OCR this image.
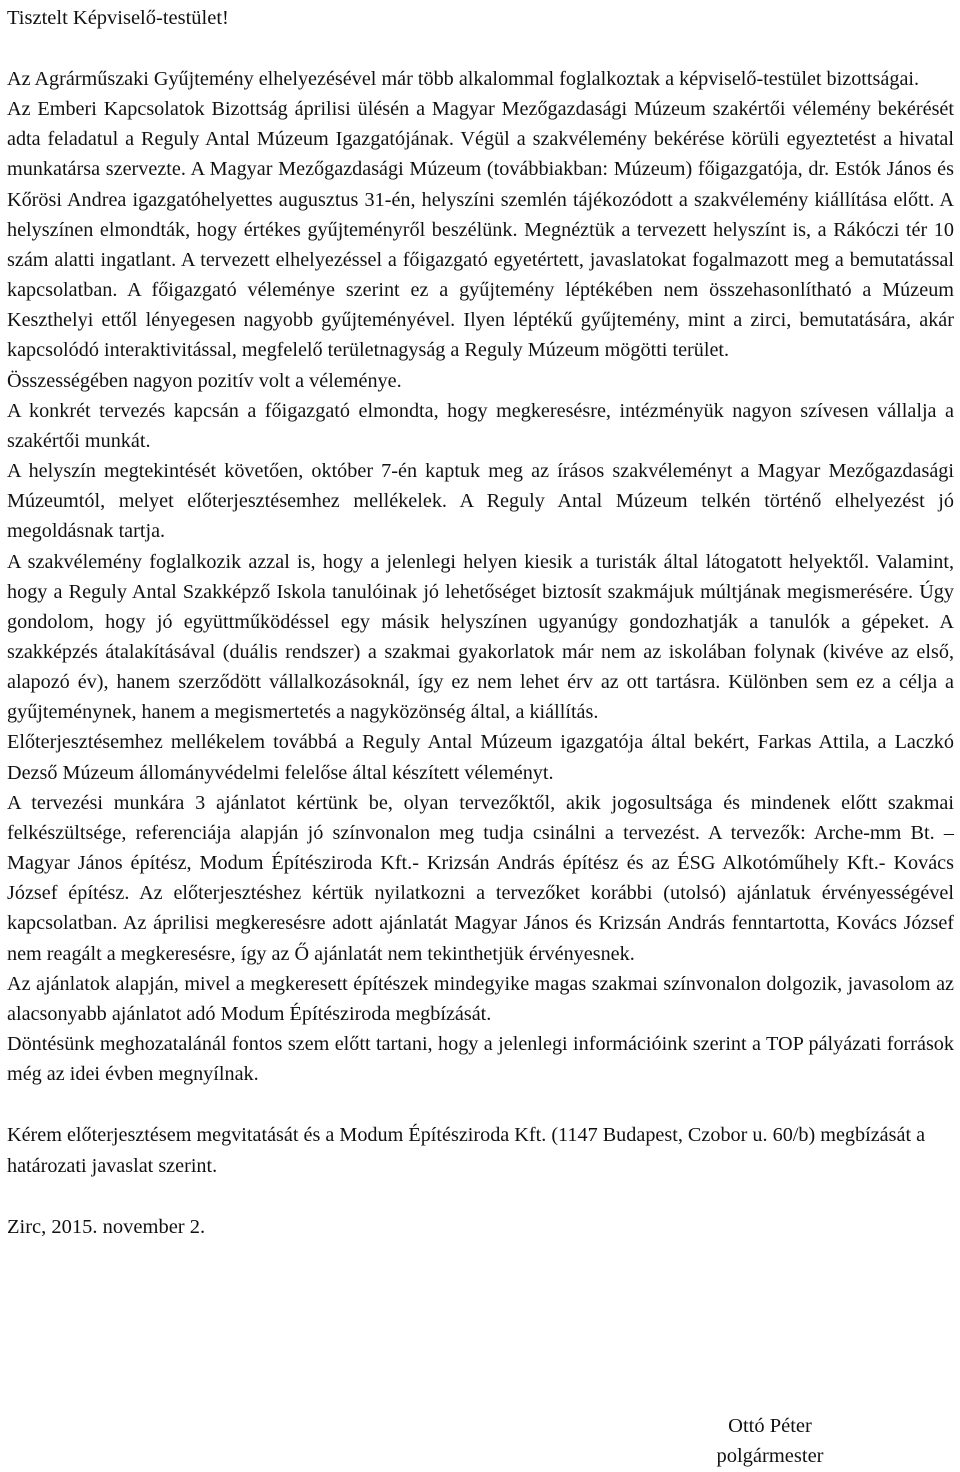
Tisztelt Képviselő-testület!

Az Agrárműszaki Gyűjtemény elhelyezésével már több alkalommal foglalkoztak a képviselő-testület bizottságai.

Az Emberi Kapcsolatok Bizottság áprilisi ülésén a Magyar Mezőgazdasági Múzeum szakértői vélemény bekérését adta feladatul a Reguly Antal Múzeum Igazgatójának. Végül a szakvélemény bekérése körüli egyeztetést a hivatal munkatársa szervezte. A Magyar Mezőgazdasági Múzeum (továbbiakban: Múzeum) főigazgatója, dr. Estók János és Kőrösi Andrea igazgatóhelyettes augusztus 31-én, helyszíni szemlén tájékozódott a szakvélemény kiállítása előtt. A helyszínen elmondták, hogy értékes gyűjteményről beszélünk. Megnéztük a tervezett helyszínt is, a Rákóczi tér 10 szám alatti ingatlant. A tervezett elhelyezéssel a főigazgató egyetértett, javaslatokat fogalmazott meg a bemutatással kapcsolatban. A főigazgató véleménye szerint ez a gyűjtemény léptékében nem összehasonlítható a Múzeum Keszthelyi ettől lényegesen nagyobb gyűjteményével. Ilyen léptékű gyűjtemény, mint a zirci, bemutatására, akár kapcsolódó interaktivitással, megfelelő területnagyság a Reguly Múzeum mögötti terület.

Összességében nagyon pozitív volt a véleménye.

A konkrét tervezés kapcsán a főigazgató elmondta, hogy megkeresésre, intézményük nagyon szívesen vállalja a szakértői munkát.

A helyszín megtekintését követően, október 7-én kaptuk meg az írásos szakvéleményt a Magyar Mezőgazdasági Múzeumtól, melyet előterjesztésemhez mellékelek. A Reguly Antal Múzeum telkén történő elhelyezést jó megoldásnak tartja.

A szakvélemény foglalkozik azzal is, hogy a jelenlegi helyen kiesik a turisták által látogatott helyektől. Valamint, hogy a Reguly Antal Szakképző Iskola tanulóinak jó lehetőséget biztosít szakmájuk múltjának megismerésére. Úgy gondolom, hogy jó együttműködéssel egy másik helyszínen ugyanúgy gondozhatják a tanulók a gépeket. A szakképzés átalakításával (duális rendszer) a szakmai gyakorlatok már nem az iskolában folynak (kivéve az első, alapozó év), hanem szerződött vállalkozásoknál, így ez nem lehet érv az ott tartásra. Különben sem ez a célja a gyűjteménynek, hanem a megismertetés a nagyközönség által, a kiállítás.

Előterjesztésemhez mellékelem továbbá a Reguly Antal Múzeum igazgatója által bekért, Farkas Attila, a Laczkó Dezső Múzeum állományvédelmi felelőse által készített véleményt.

A tervezési munkára 3 ajánlatot kértünk be, olyan tervezőktől, akik jogosultsága és mindenek előtt szakmai felkészültsége, referenciája alapján jó színvonalon meg tudja csinálni a tervezést. A tervezők: Arche-mm Bt. – Magyar János építész, Modum Építésziroda Kft.- Krizsán András építész és az ÉSG Alkotóműhely Kft.- Kovács József építész. Az előterjesztéshez kértük nyilatkozni a tervezőket korábbi (utolsó) ajánlatuk érvényességével kapcsolatban. Az áprilisi megkeresésre adott ajánlatát Magyar János és Krizsán András fenntartotta, Kovács József nem reagált a megkeresésre, így az Ő ajánlatát nem tekinthetjük érvényesnek.

Az ajánlatok alapján, mivel a megkeresett építészek mindegyike magas szakmai színvonalon dolgozik, javasolom az alacsonyabb ajánlatot adó Modum Építésziroda megbízását.

Döntésünk meghozatalánál fontos szem előtt tartani, hogy a jelenlegi információink szerint a TOP pályázati források még az idei évben megnyílnak.

Kérem előterjesztésem megvitatását és a Modum Építésziroda Kft. (1147 Budapest, Czobor u. 60/b) megbízását a határozati javaslat szerint.

Zirc, 2015. november 2.

Ottó Péter
polgármester
